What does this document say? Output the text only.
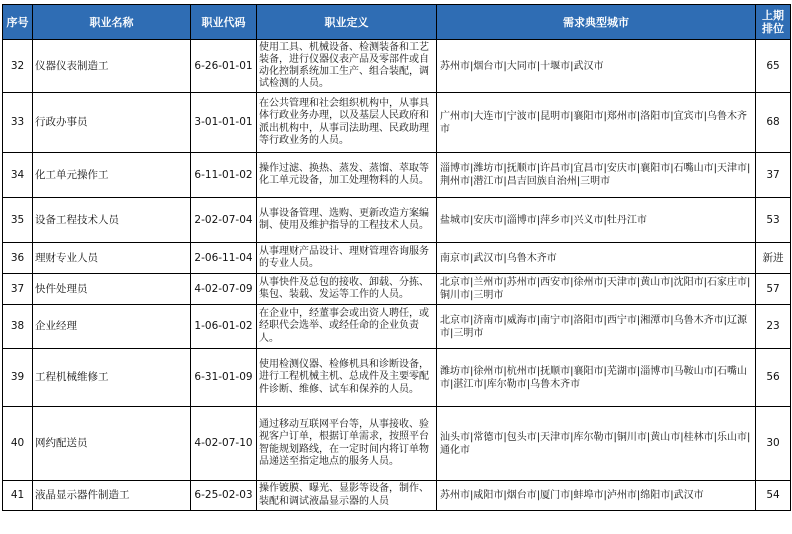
序号	职业名称	职业代码	职业定义	需求典型城市	上期排位
32	仪器仪表制造工	6-26-01-01	使用工具、机械设备、检测装备和工艺装备，进行仪器仪表产品及零部件或自动化控制系统加工生产、组合装配，调试检测的人员。	苏州市|烟台市|大同市|十堰市|武汉市	65
33	行政办事员	3-01-01-01	在公共管理和社会组织机构中，从事具体行政业务办理，以及基层人民政府和派出机构中，从事司法助理、民政助理等行政业务的人员。	广州市|大连市|宁波市|昆明市|襄阳市|郑州市|洛阳市|宜宾市|乌鲁木齐市	68
34	化工单元操作工	6-11-01-02	操作过滤、换热、蒸发、蒸馏、萃取等化工单元设备，加工处理物料的人员。	淄博市|潍坊市|抚顺市|许昌市|宜昌市|安庆市|襄阳市|石嘴山市|天津市|荆州市|潜江市|昌吉回族自治州|三明市	37
35	设备工程技术人员	2-02-07-04	从事设备管理、选购、更新改造方案编制、使用及维护指导的工程技术人员。	盐城市|安庆市|淄博市|萍乡市|兴义市|牡丹江市	53
36	理财专业人员	2-06-11-04	从事理财产品设计、理财管理咨询服务的专业人员。	南京市|武汉市|乌鲁木齐市	新进
37	快件处理员	4-02-07-09	从事快件及总包的接收、卸载、分拣、集包、装载、发运等工作的人员。	北京市|兰州市|苏州市|西安市|徐州市|天津市|黄山市|沈阳市|石家庄市|铜川市|三明市	57
38	企业经理	1-06-01-02	在企业中，经董事会或出资人聘任，或经职代会选举、或经任命的企业负责人。	北京市|济南市|威海市|南宁市|洛阳市|西宁市|湘潭市|乌鲁木齐市|辽源市|三明市	23
39	工程机械维修工	6-31-01-09	使用检测仪器、检修机具和诊断设备，进行工程机械主机、总成件及主要零配件诊断、维修、试车和保养的人员。	潍坊市|徐州市|杭州市|抚顺市|襄阳市|芜湖市|淄博市|马鞍山市|石嘴山市|湛江市|库尔勒市|乌鲁木齐市	56
40	网约配送员	4-02-07-10	通过移动互联网平台等，从事接收、验视客户订单，根据订单需求，按照平台智能规划路线，在一定时间内将订单物品递送至指定地点的服务人员。	汕头市|常德市|包头市|天津市|库尔勒市|铜川市|黄山市|桂林市|乐山市|通化市	30
41	液晶显示器件制造工	6-25-02-03	操作镀膜、曝光、显影等设备，制作、装配和调试液晶显示器的人员	苏州市|咸阳市|烟台市|厦门市|蚌埠市|泸州市|绵阳市|武汉市	54
